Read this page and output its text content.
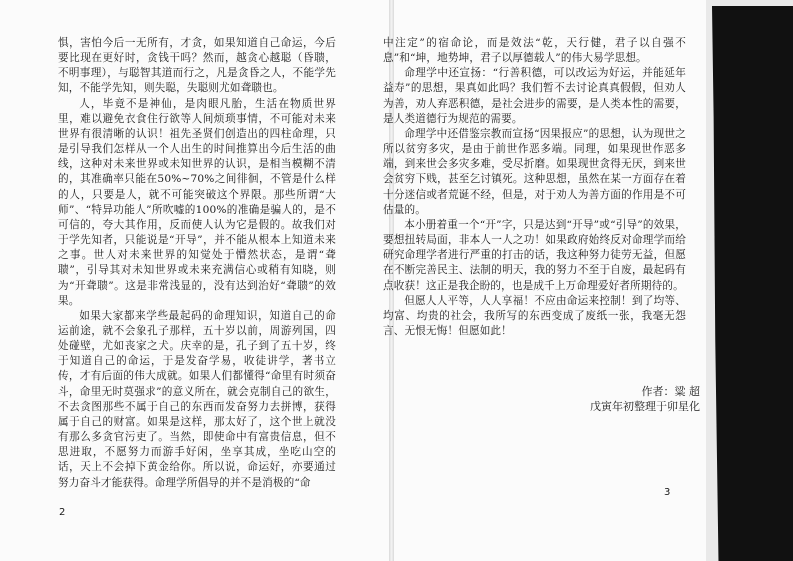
惧，害怕今后一无所有，才贪，如果知道自己命运，今后要比现在更好时，贪钱干吗？然而，越贪心越聪（昏聩，不明事理），与聪智其道而行之，凡是贪昏之人，不能学先知，不能学先知，则失聪，失聪则尤如聋聩也。

人，毕竟不是神仙，是肉眼凡胎，生活在物质世界里，难以避免衣食住行欲等人间烦琐事情，不可能对未来世界有很清晰的认识！祖先圣贤们创造出的四柱命理，只是引导我们怎样从一个人出生的时间推算出今后生活的曲线，这种对未来世界或未知世界的认识，是相当模糊不清的，其准确率只能在50%~70%之间徘徊，不管是什么样的人，只要是人，就不可能突破这个界限。那些所谓“大师”、“特异功能人”所吹嘘的100%的准确是骗人的，是不可信的，夸大其作用，反而使人认为它是假的。故我们对于学先知者，只能说是“开导”，并不能从根本上知道未来之事。世人对未来世界的知觉处于懵然状态，是谓“聋聩”，引导其对未知世界或未来充满信心或稍有知晓，则为“开聋聩”。这是非常浅显的，没有达到治好“聋聩”的效果。

如果大家都来学些最起码的命理知识，知道自己的命运前途，就不会象孔子那样，五十岁以前，周游列国，四处碰壁，尤如丧家之犬。庆幸的是，孔子到了五十岁，终于知道自己的命运，于是发奋学易，收徒讲学，著书立传，才有后面的伟大成就。如果人们都懂得“命里有时须奋斗，命里无时莫强求”的意义所在，就会克制自己的欲生，不去贪图那些不属于自己的东西而发奋努力去拼博，获得属于自己的财富。如果是这样，那太好了，这个世上就没有那么多贪官污吏了。当然，即使命中有富贵信息，但不思进取，不愿努力而游手好闲，坐享其成，坐吃山空的话，天上不会掉下黄金给你。所以说，命运好，亦要通过努力奋斗才能获得。命理学所倡导的并不是消极的“命

2

中注定”的宿命论，而是效法“乾，天行健，君子以自强不息”和“坤，地势坤，君子以厚德载人”的伟大易学思想。

命理学中还宣扬：“行善积德，可以改运为好运，并能延年益寿”的思想，果真如此吗？我们暂不去讨论真真假假，但劝人为善，劝人弃恶积德，是社会进步的需要，是人类本性的需要，是人类道德行为规范的需要。

命理学中还借鉴宗教而宣扬“因果报应”的思想，认为现世之所以贫穷多灾，是由于前世作恶多端。同理，如果现世作恶多端，到来世会多灾多难，受尽折磨。如果现世贪得无厌，到来世会贫穷下贱，甚至乞讨镇死。这种思想，虽然在某一方面存在着十分迷信或者荒诞不经，但是，对于劝人为善方面的作用是不可估量的。

本小册着重一个“开”字，只是达到“开导”或“引导”的效果，要想扭转局面，非本人一人之功！如果政府始终反对命理学而给研究命理学者进行严重的打击的话，我这种努力徒劳无益，但愿在不断完善民主、法制的明天，我的努力不至于自废，最起码有点收获！这正是我企盼的，也是成千上万命理爱好者所期待的。

但愿人人平等，人人享福！不应由命运来控制！到了均等、均富、均贵的社会，我所写的东西变成了废纸一张，我毫无怨言、无恨无悔！但愿如此！

作者：粱 超
戊寅年初整理于卯星化
3
